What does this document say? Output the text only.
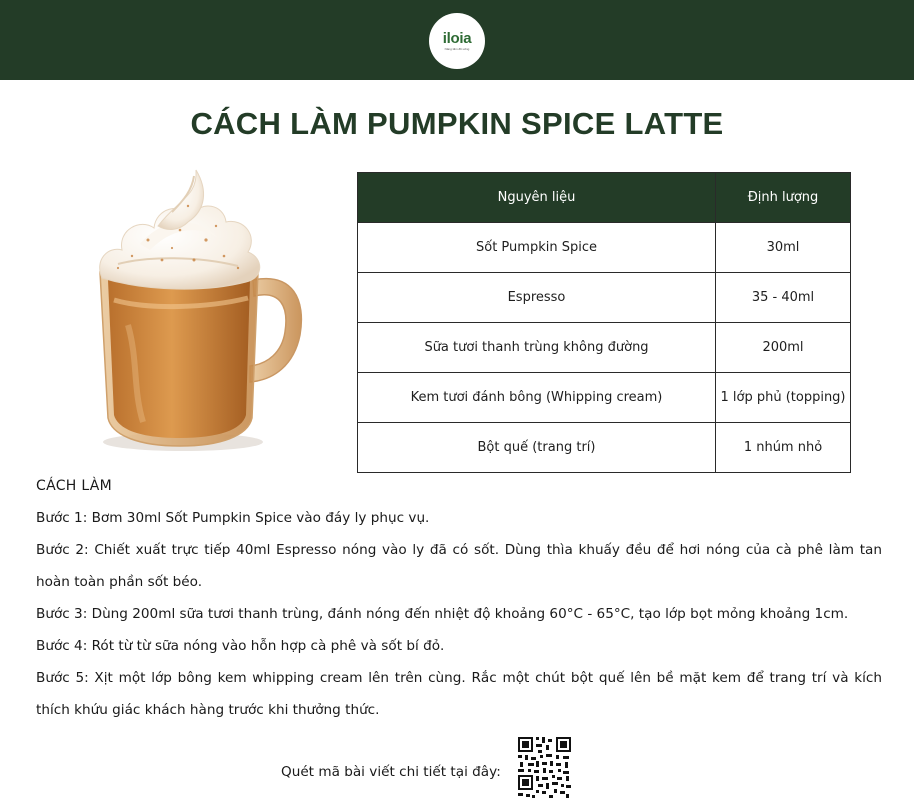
iloia
Nâng tầm đồ uống
CÁCH LÀM PUMPKIN SPICE LATTE
Nguyên liệu	Định lượng
Sốt Pumpkin Spice	30ml
Espresso	35 - 40ml
Sữa tươi thanh trùng không đường	200ml
Kem tươi đánh bông (Whipping cream)	1 lớp phủ (topping)
Bột quế (trang trí)	1 nhúm nhỏ
CÁCH LÀM

Bước 1: Bơm 30ml Sốt Pumpkin Spice vào đáy ly phục vụ.

Bước 2: Chiết xuất trực tiếp 40ml Espresso nóng vào ly đã có sốt. Dùng thìa khuấy đều để hơi nóng của cà phê làm tan hoàn toàn phần sốt béo.

Bước 3: Dùng 200ml sữa tươi thanh trùng, đánh nóng đến nhiệt độ khoảng 60°C - 65°C, tạo lớp bọt mỏng khoảng 1cm.

Bước 4: Rót từ từ sữa nóng vào hỗn hợp cà phê và sốt bí đỏ.

Bước 5: Xịt một lớp bông kem whipping cream lên trên cùng. Rắc một chút bột quế lên bề mặt kem để trang trí và kích thích khứu giác khách hàng trước khi thưởng thức.

Quét mã bài viết chi tiết tại đây:
